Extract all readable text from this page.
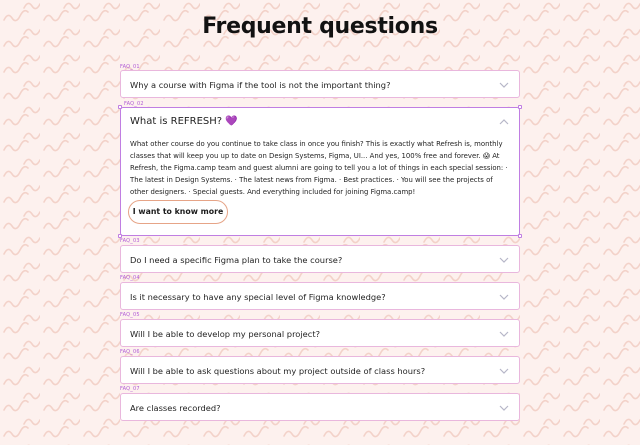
Frequent questions
FAQ_01
Why a course with Figma if the tool is not the important thing?
FAQ_02
What is REFRESH? 💜
What other course do you continue to take class in once you finish? This is exactly what Refresh is, monthly classes that will keep you up to date on Design Systems, Figma, UI... And yes, 100% free and forever. 😱 At Refresh, the Figma.camp team and guest alumni are going to tell you a lot of things in each special session: · The latest in Design Systems. · The latest news from Figma. · Best practices. · You will see the projects of other designers. · Special guests. And everything included for joining Figma.camp!
I want to know more
FAQ_03
Do I need a specific Figma plan to take the course?
FAQ_04
Is it necessary to have any special level of Figma knowledge?
FAQ_05
Will I be able to develop my personal project?
FAQ_06
Will I be able to ask questions about my project outside of class hours?
FAQ_07
Are classes recorded?
